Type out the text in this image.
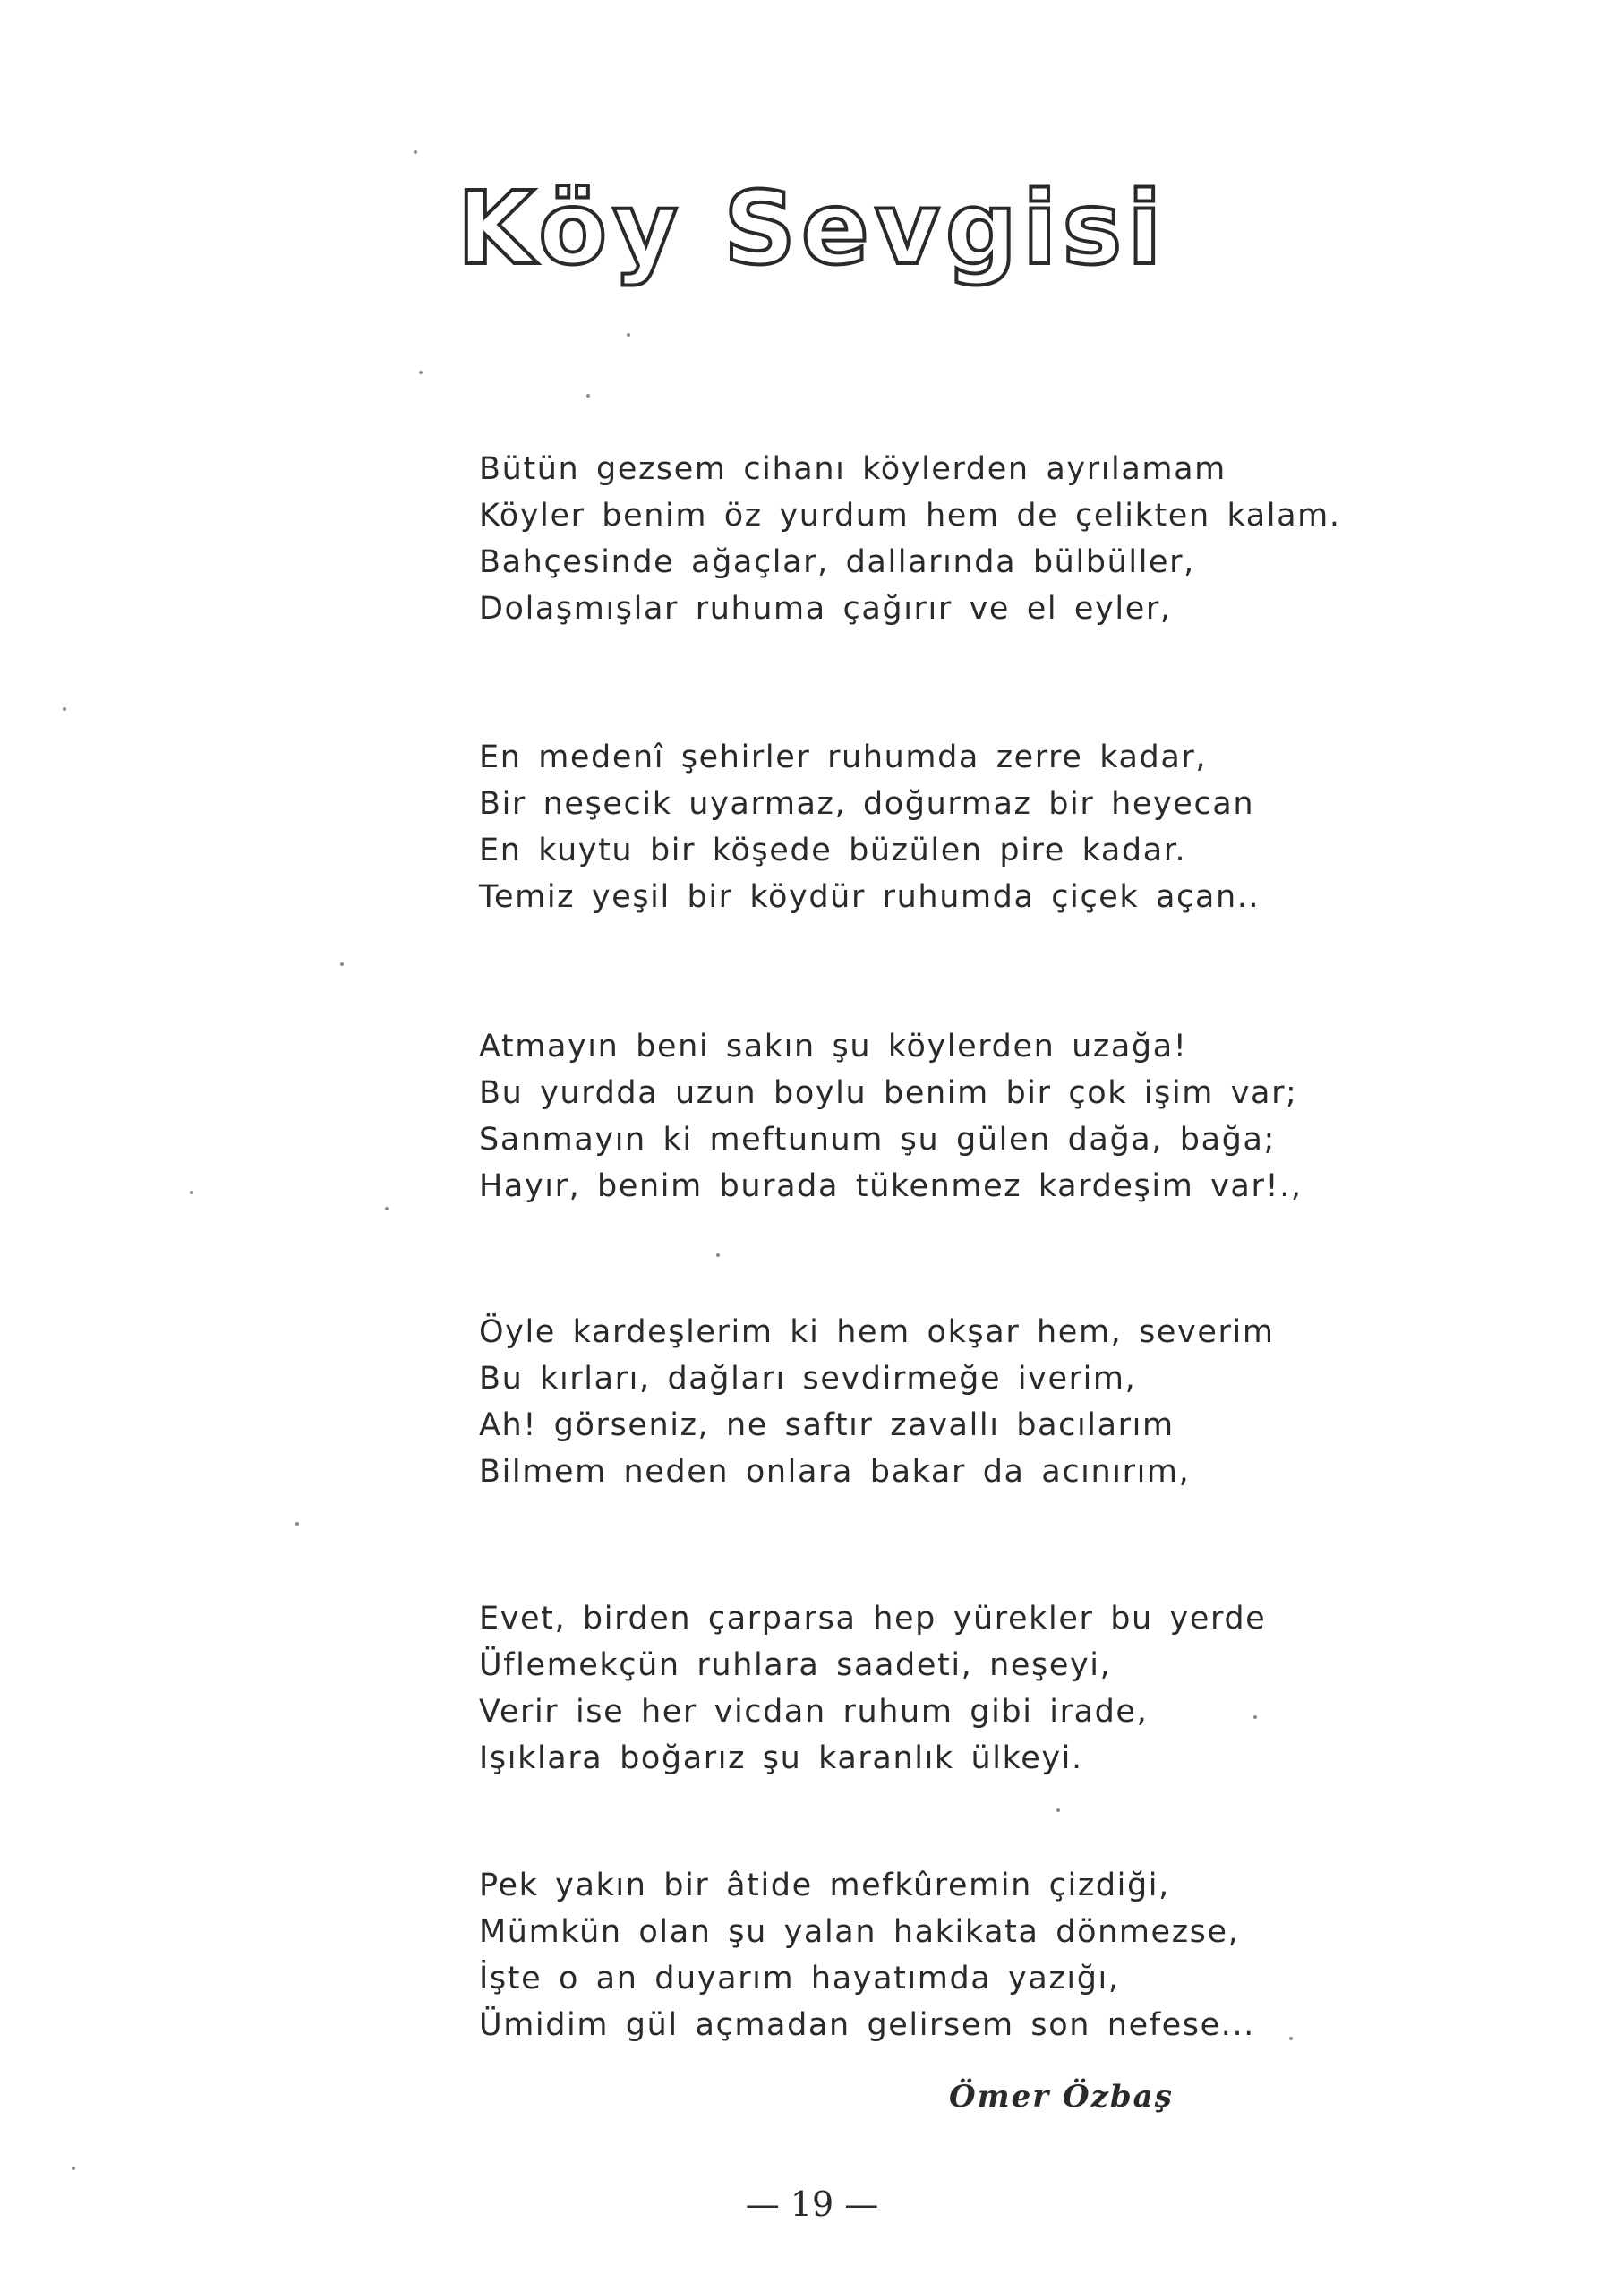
Köy Sevgisi
Bütün gezsem cihanı köylerden ayrılamam
Köyler benim öz yurdum hem de çelikten kalam.
Bahçesinde ağaçlar, dallarında bülbüller,
Dolaşmışlar ruhuma çağırır ve el eyler,
En medenî şehirler ruhumda zerre kadar,
Bir neşecik uyarmaz, doğurmaz bir heyecan
En kuytu bir köşede büzülen pire kadar.
Temiz yeşil bir köydür ruhumda çiçek açan..
Atmayın beni sakın şu köylerden uzağa!
Bu yurdda uzun boylu benim bir çok işim var;
Sanmayın ki meftunum şu gülen dağa, bağa;
Hayır, benim burada tükenmez kardeşim var!.,
Öyle kardeşlerim ki hem okşar hem, severim
Bu kırları, dağları sevdirmeğe iverim,
Ah! görseniz, ne saftır zavallı bacılarım
Bilmem neden onlara bakar da acınırım,
Evet, birden çarparsa hep yürekler bu yerde
Üflemekçün ruhlara saadeti, neşeyi,
Verir ise her vicdan ruhum gibi irade,
Işıklara boğarız şu karanlık ülkeyi.
Pek yakın bir âtide mefkûremin çizdiği,
Mümkün olan şu yalan hakikata dönmezse,
İşte o an duyarım hayatımda yazığı,
Ümidim gül açmadan gelirsem son nefese...
Ömer Özbaş
— 19 —
